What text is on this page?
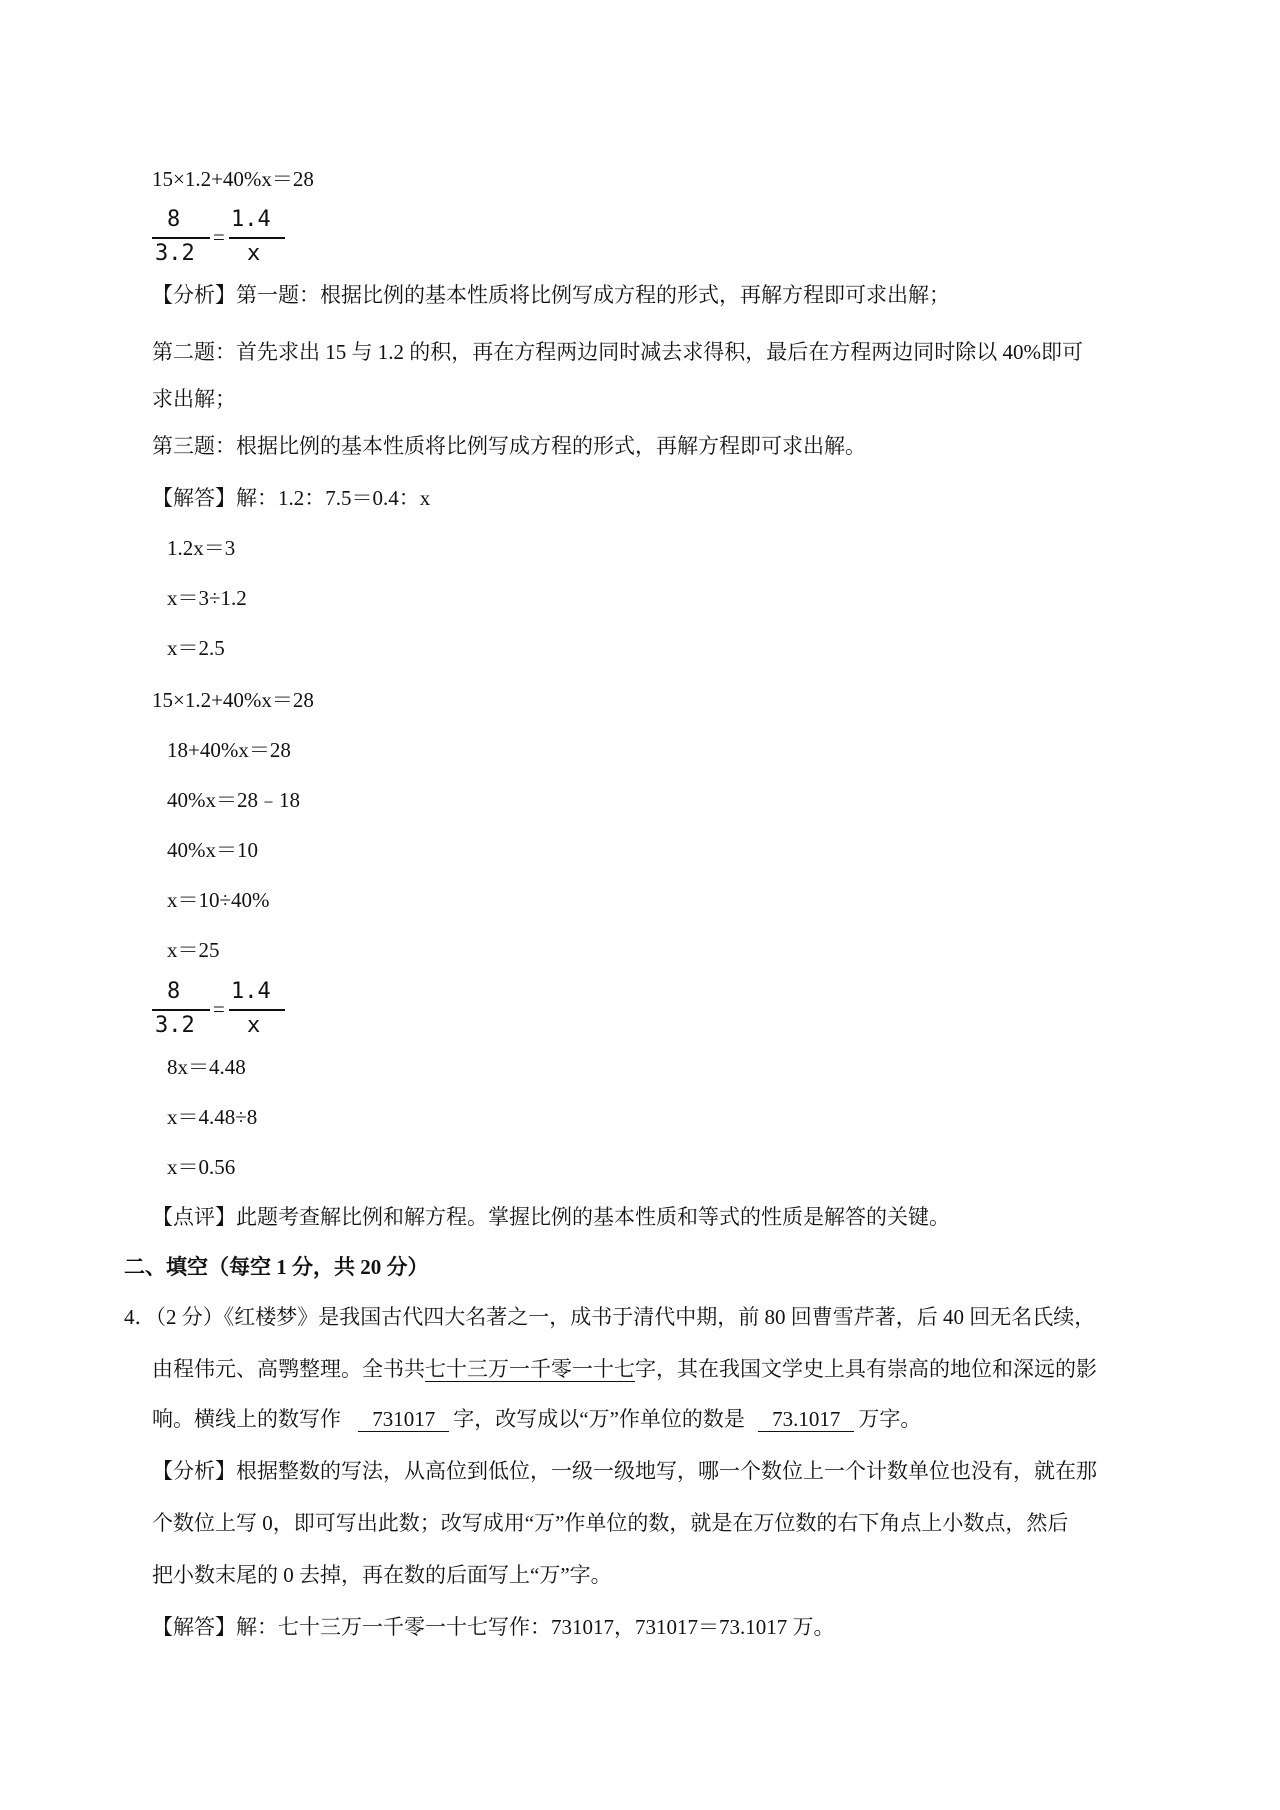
15×1.2+40%x＝28
8
3.2
=
1.4
x
【分析】第一题：根据比例的基本性质将比例写成方程的形式，再解方程即可求出解；
第二题：首先求出 15 与 1.2 的积，再在方程两边同时减去求得积，最后在方程两边同时除以 40%即可
求出解；
第三题：根据比例的基本性质将比例写成方程的形式，再解方程即可求出解。
【解答】解：1.2：7.5＝0.4：x
1.2x＝3
x＝3÷1.2
x＝2.5
15×1.2+40%x＝28
18+40%x＝28
40%x＝28﹣18
40%x＝10
x＝10÷40%
x＝25
8
3.2
=
1.4
x
8x＝4.48
x＝4.48÷8
x＝0.56
【点评】此题考查解比例和解方程。掌握比例的基本性质和等式的性质是解答的关键。
二、填空（每空 1 分，共 20 分）
4．（2 分）《红楼梦》是我国古代四大名著之一，成书于清代中期，前 80 回曹雪芹著，后 40 回无名氏续，
由程伟元、高鹗整理。全书共七十三万一千零一十七字，其在我国文学史上具有崇高的地位和深远的影
响。横线上的数写作 731017 字，改写成以“万”作单位的数是 73.1017 万字。
【分析】根据整数的写法，从高位到低位，一级一级地写，哪一个数位上一个计数单位也没有，就在那
个数位上写 0，即可写出此数；改写成用“万”作单位的数，就是在万位数的右下角点上小数点，然后
把小数末尾的 0 去掉，再在数的后面写上“万”字。
【解答】解：七十三万一千零一十七写作：731017，731017＝73.1017 万。
